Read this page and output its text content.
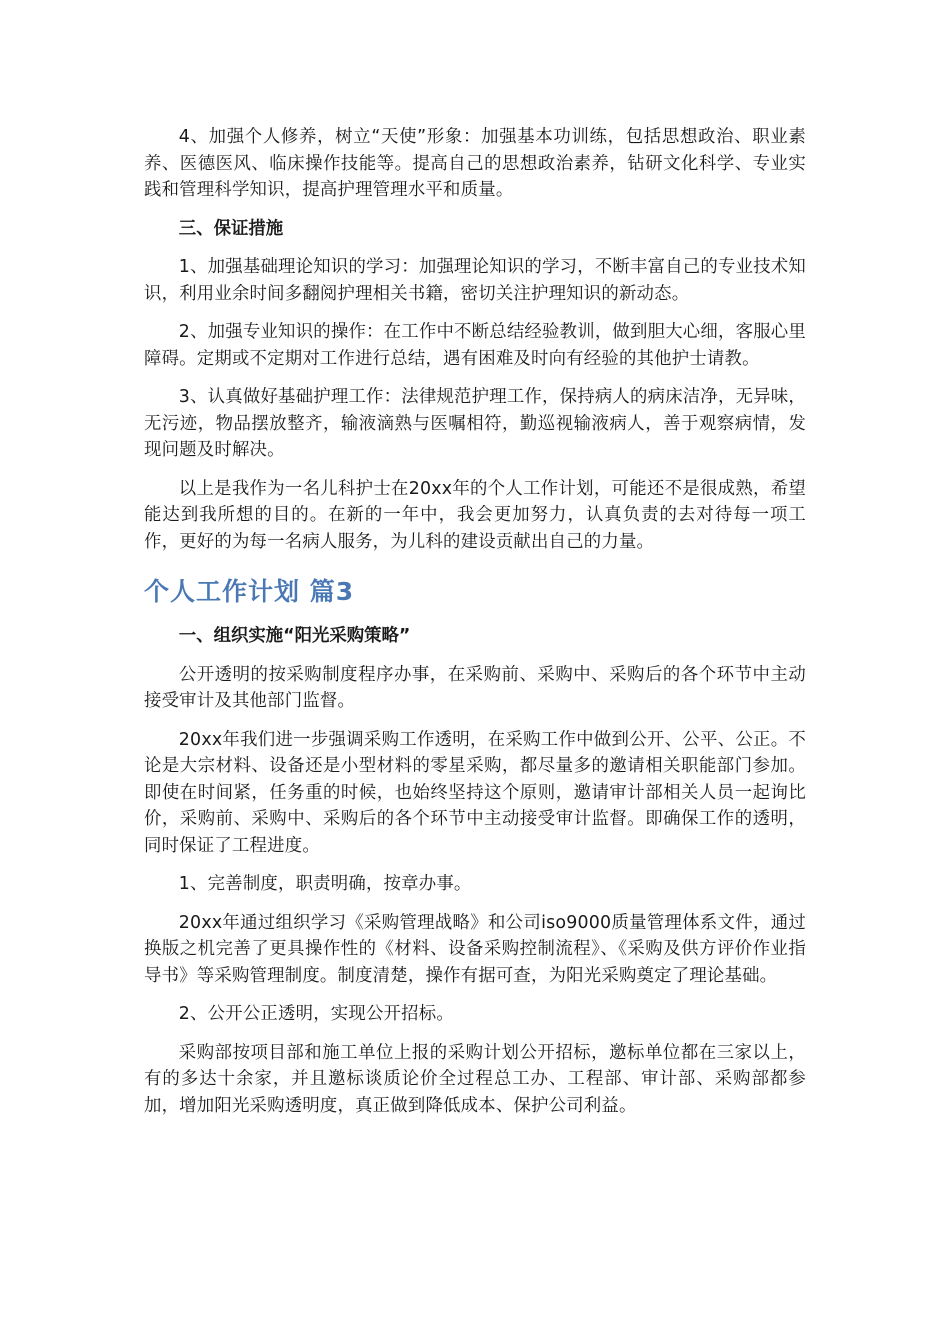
4、加强个人修养，树立“天使”形象：加强基本功训练，包括思想政治、职业素养、医德医风、临床操作技能等。提高自己的思想政治素养，钻研文化科学、专业实践和管理科学知识，提高护理管理水平和质量。

三、保证措施

1、加强基础理论知识的学习：加强理论知识的学习，不断丰富自己的专业技术知识，利用业余时间多翻阅护理相关书籍，密切关注护理知识的新动态。

2、加强专业知识的操作：在工作中不断总结经验教训，做到胆大心细，客服心里障碍。定期或不定期对工作进行总结，遇有困难及时向有经验的其他护士请教。

3、认真做好基础护理工作：法律规范护理工作，保持病人的病床洁净，无异味，无污迹，物品摆放整齐，输液滴熟与医嘱相符，勤巡视输液病人，善于观察病情，发现问题及时解决。

以上是我作为一名儿科护士在20xx年的个人工作计划，可能还不是很成熟，希望能达到我所想的目的。在新的一年中，我会更加努力，认真负责的去对待每一项工作，更好的为每一名病人服务，为儿科的建设贡献出自己的力量。

个人工作计划 篇3

一、组织实施“阳光采购策略”

公开透明的按采购制度程序办事，在采购前、采购中、采购后的各个环节中主动接受审计及其他部门监督。

20xx年我们进一步强调采购工作透明，在采购工作中做到公开、公平、公正。不论是大宗材料、设备还是小型材料的零星采购，都尽量多的邀请相关职能部门参加。即使在时间紧，任务重的时候，也始终坚持这个原则，邀请审计部相关人员一起询比价，采购前、采购中、采购后的各个环节中主动接受审计监督。即确保工作的透明，同时保证了工程进度。

1、完善制度，职责明确，按章办事。

20xx年通过组织学习《采购管理战略》和公司iso9000质量管理体系文件，通过换版之机完善了更具操作性的《材料、设备采购控制流程》、《采购及供方评价作业指导书》等采购管理制度。制度清楚，操作有据可查，为阳光采购奠定了理论基础。

2、公开公正透明，实现公开招标。

采购部按项目部和施工单位上报的采购计划公开招标，邀标单位都在三家以上，有的多达十余家，并且邀标谈质论价全过程总工办、工程部、审计部、采购部都参加，增加阳光采购透明度，真正做到降低成本、保护公司利益。
